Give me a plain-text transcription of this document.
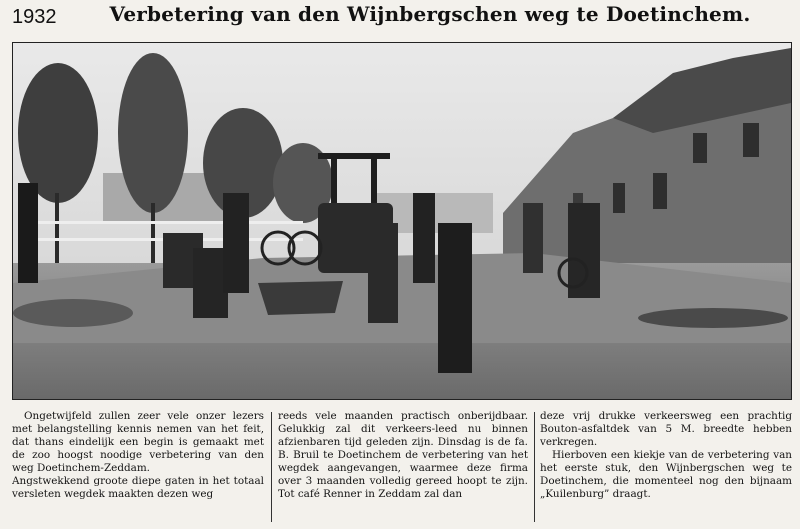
1932	Verbetering van den Wijnbergschen weg te Doetinchem.

Ongetwijfeld zullen zeer vele onzer lezers met belangstelling kennis nemen van het feit, dat thans eindelijk een begin is gemaakt met de zoo hoogst noodige verbetering van den weg Doetinchem-Zeddam.

Angstwekkend groote diepe gaten in het totaal versleten wegdek maakten dezen weg

reeds vele maanden practisch onberijdbaar. Gelukkig zal dit verkeers-leed nu binnen afzienbaren tijd geleden zijn. Dinsdag is de fa. B. Bruil te Doetinchem de verbetering van het wegdek aangevangen, waarmee deze firma over 3 maanden volledig gereed hoopt te zijn. Tot café Renner in Zeddam zal dan

deze vrij drukke verkeersweg een prachtig Bouton-asfaltdek van 5 M. breedte hebben verkregen.

Hierboven een kiekje van de verbetering van het eerste stuk, den Wijnbergschen weg te Doetinchem, die momenteel nog den bijnaam „Kuilenburg” draagt.
